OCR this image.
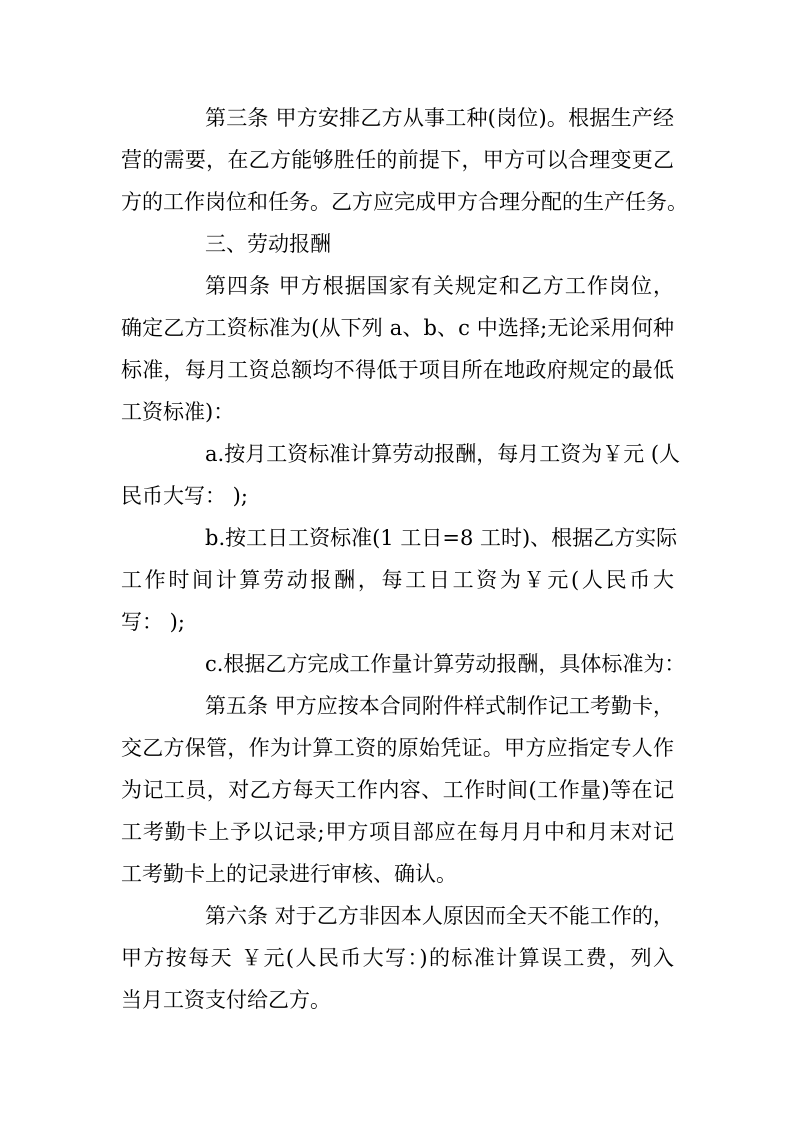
第三条 甲方安排乙方从事工种(岗位)。根据生产经
营的需要，在乙方能够胜任的前提下，甲方可以合理变更乙
方的工作岗位和任务。乙方应完成甲方合理分配的生产任务。
三、劳动报酬
第四条 甲方根据国家有关规定和乙方工作岗位，
确定乙方工资标准为(从下列 a、b、c 中选择;无论采用何种
标准，每月工资总额均不得低于项目所在地政府规定的最低
工资标准)：
a.按月工资标准计算劳动报酬，每月工资为￥元 (人
民币大写： );
b.按工日工资标准(1 工日=8 工时)、根据乙方实际
工作时间计算劳动报酬，每工日工资为￥元(人民币大
写： );
c.根据乙方完成工作量计算劳动报酬，具体标准为：
第五条 甲方应按本合同附件样式制作记工考勤卡，
交乙方保管，作为计算工资的原始凭证。甲方应指定专人作
为记工员，对乙方每天工作内容、工作时间(工作量)等在记
工考勤卡上予以记录;甲方项目部应在每月月中和月末对记
工考勤卡上的记录进行审核、确认。
第六条 对于乙方非因本人原因而全天不能工作的，
甲方按每天 ￥元(人民币大写：)的标准计算误工费，列入
当月工资支付给乙方。
